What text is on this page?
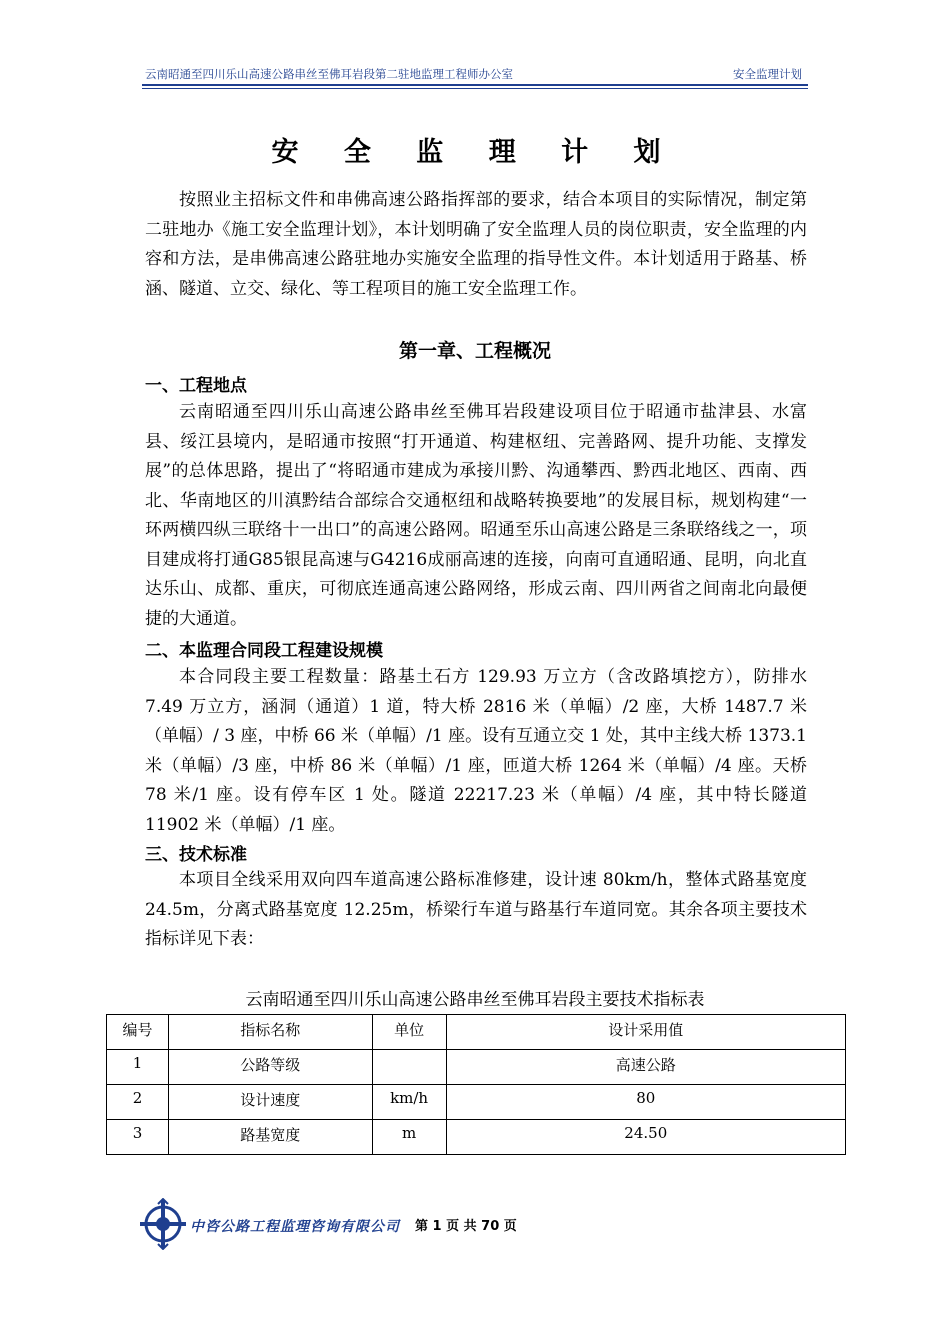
云南昭通至四川乐山高速公路串丝至佛耳岩段第二驻地监理工程师办公室	安全监理计划
安 全 监 理 计 划
按照业主招标文件和串佛高速公路指挥部的要求，结合本项目的实际情况，制定第二驻地办《施工安全监理计划》，本计划明确了安全监理人员的岗位职责，安全监理的内容和方法，是串佛高速公路驻地办实施安全监理的指导性文件。本计划适用于路基、桥涵、隧道、立交、绿化、等工程项目的施工安全监理工作。
第一章、工程概况
一、工程地点
云南昭通至四川乐山高速公路串丝至佛耳岩段建设项目位于昭通市盐津县、水富县、绥江县境内，是昭通市按照“打开通道、构建枢纽、完善路网、提升功能、支撑发展”的总体思路，提出了“将昭通市建成为承接川黔、沟通攀西、黔西北地区、西南、西北、华南地区的川滇黔结合部综合交通枢纽和战略转换要地”的发展目标，规划构建“一环两横四纵三联络十一出口”的高速公路网。昭通至乐山高速公路是三条联络线之一，项目建成将打通G85银昆高速与G4216成丽高速的连接，向南可直通昭通、昆明，向北直达乐山、成都、重庆，可彻底连通高速公路网络，形成云南、四川两省之间南北向最便捷的大通道。
二、本监理合同段工程建设规模
本合同段主要工程数量：路基土石方 129.93 万立方（含改路填挖方），防排水 7.49 万立方，涵洞（通道）1 道，特大桥 2816 米（单幅）/2 座，大桥 1487.7 米（单幅）/ 3 座，中桥 66 米（单幅）/1 座。设有互通立交 1 处，其中主线大桥 1373.1 米（单幅）/3 座，中桥 86 米（单幅）/1 座，匝道大桥 1264 米（单幅）/4 座。天桥 78 米/1 座。设有停车区 1 处。隧道 22217.23 米（单幅）/4 座，其中特长隧道 11902 米（单幅）/1 座。
三、技术标准
本项目全线采用双向四车道高速公路标准修建，设计速 80km/h，整体式路基宽度 24.5m，分离式路基宽度 12.25m，桥梁行车道与路基行车道同宽。其余各项主要技术指标详见下表：
云南昭通至四川乐山高速公路串丝至佛耳岩段主要技术指标表
编号	指标名称	单位	设计采用值
1	公路等级		高速公路
2	设计速度	km/h	80
3	路基宽度	m	24.50
中咨公路工程监理咨询有限公司 第 1 页 共 70 页
